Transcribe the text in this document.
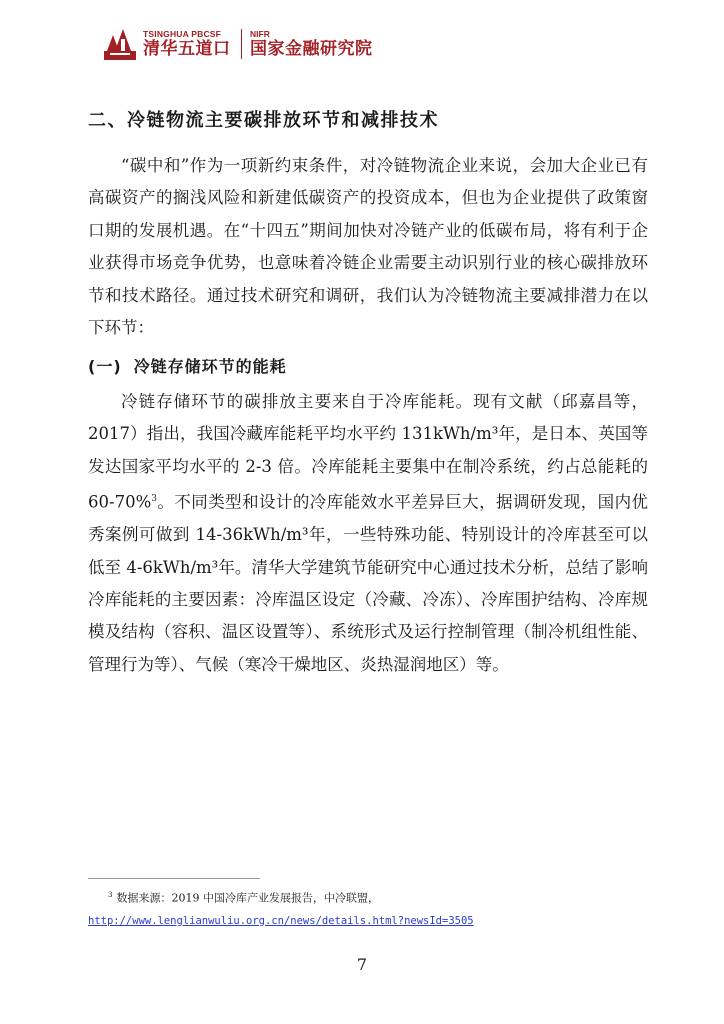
TSINGHUA PBCSF
清华五道口
NIFR
国家金融研究院
二、冷链物流主要碳排放环节和减排技术

“碳中和”作为一项新约束条件，对冷链物流企业来说，会加大企业已有高碳资产的搁浅风险和新建低碳资产的投资成本，但也为企业提供了政策窗口期的发展机遇。在“十四五”期间加快对冷链产业的低碳布局，将有利于企业获得市场竞争优势，也意味着冷链企业需要主动识别行业的核心碳排放环节和技术路径。通过技术研究和调研，我们认为冷链物流主要减排潜力在以下环节：

(一) 冷链存储环节的能耗

冷链存储环节的碳排放主要来自于冷库能耗。现有文献（邱嘉昌等，2017）指出，我国冷藏库能耗平均水平约 131kWh/m³年，是日本、英国等发达国家平均水平的 2-3 倍。冷库能耗主要集中在制冷系统，约占总能耗的 60-70%$^3$。不同类型和设计的冷库能效水平差异巨大，据调研发现，国内优秀案例可做到 14-36kWh/m³年，一些特殊功能、特别设计的冷库甚至可以低至 4-6kWh/m³年。清华大学建筑节能研究中心通过技术分析，总结了影响冷库能耗的主要因素：冷库温区设定（冷藏、冷冻）、冷库围护结构、冷库规模及结构（容积、温区设置等）、系统形式及运行控制管理（制冷机组性能、管理行为等）、气候（寒冷干燥地区、炎热湿润地区）等。

$^3$ 数据来源：2019 中国冷库产业发展报告，中冷联盟，
http://www.lenglianwuliu.org.cn/news/details.html?newsId=3505
7
